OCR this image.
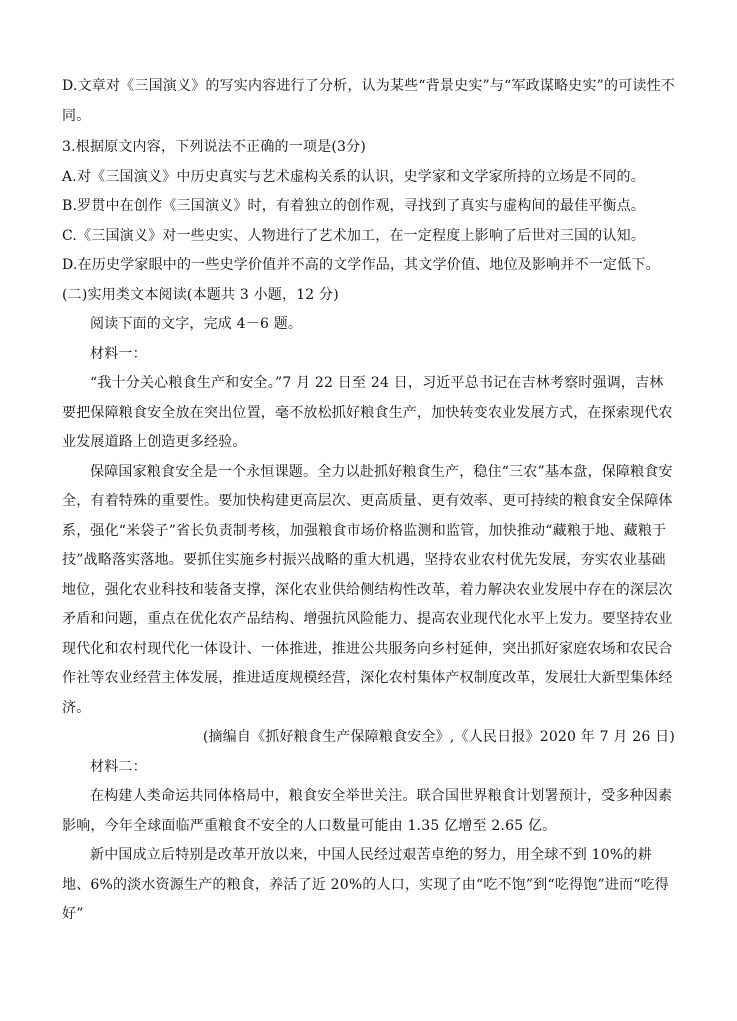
D.文章对《三国演义》的写实内容进行了分析，认为某些“背景史实”与“军政谋略史实”的可读性不同。

3.根据原文内容，下列说法不正确的一项是(3分)

A.对《三国演义》中历史真实与艺术虚构关系的认识，史学家和文学家所持的立场是不同的。

B.罗贯中在创作《三国演义》时，有着独立的创作观，寻找到了真实与虚构间的最佳平衡点。

C.《三国演义》对一些史实、人物进行了艺术加工，在一定程度上影响了后世对三国的认知。

D.在历史学家眼中的一些史学价值并不高的文学作品，其文学价值、地位及影响并不一定低下。

(二)实用类文本阅读(本题共 3 小题，12 分)

阅读下面的文字，完成 4－6 题。

材料一：

“我十分关心粮食生产和安全。”7 月 22 日至 24 日，习近平总书记在吉林考察时强调，吉林要把保障粮食安全放在突出位置，毫不放松抓好粮食生产，加快转变农业发展方式，在探索现代农业发展道路上创造更多经验。

保障国家粮食安全是一个永恒课题。全力以赴抓好粮食生产，稳住“三农”基本盘，保障粮食安全，有着特殊的重要性。要加快构建更高层次、更高质量、更有效率、更可持续的粮食安全保障体系，强化“米袋子”省长负责制考核，加强粮食市场价格监测和监管，加快推动“藏粮于地、藏粮于技”战略落实落地。要抓住实施乡村振兴战略的重大机遇，坚持农业农村优先发展，夯实农业基础地位，强化农业科技和装备支撑，深化农业供给侧结构性改革，着力解决农业发展中存在的深层次矛盾和问题，重点在优化农产品结构、增强抗风险能力、提高农业现代化水平上发力。要坚持农业现代化和农村现代化一体设计、一体推进，推进公共服务向乡村延伸，突出抓好家庭农场和农民合作社等农业经营主体发展，推进适度规模经营，深化农村集体产权制度改革，发展壮大新型集体经济。

(摘编自《抓好粮食生产保障粮食安全》,《人民日报》2020 年 7 月 26 日)

材料二：

在构建人类命运共同体格局中，粮食安全举世关注。联合国世界粮食计划署预计，受多种因素影响，今年全球面临严重粮食不安全的人口数量可能由 1.35 亿增至 2.65 亿。

新中国成立后特别是改革开放以来，中国人民经过艰苦卓绝的努力，用全球不到 10%的耕地、6%的淡水资源生产的粮食，养活了近 20%的人口，实现了由“吃不饱”到“吃得饱”进而“吃得好”
